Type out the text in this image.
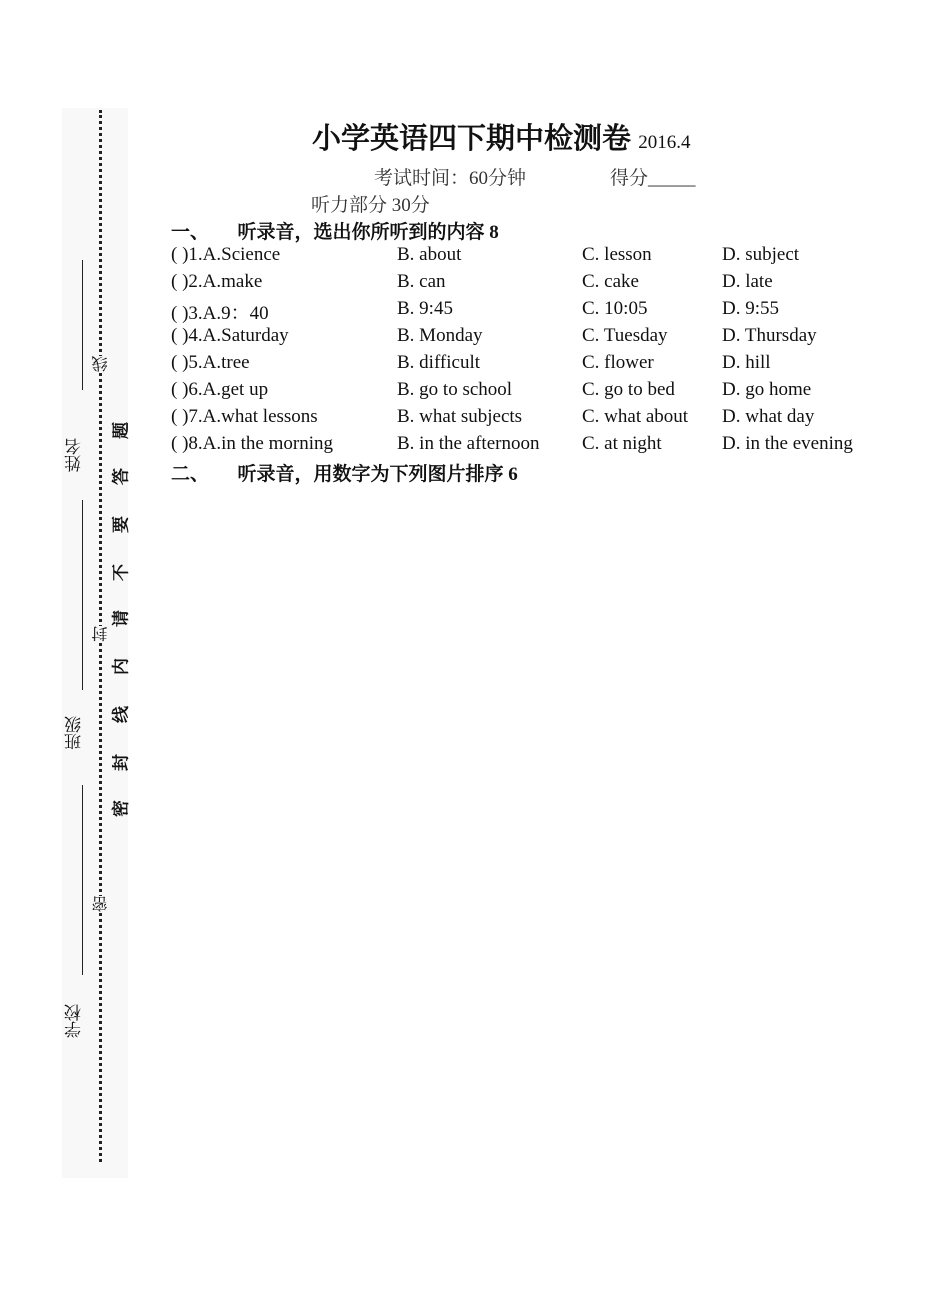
姓名
班级
学校
线
封
密
题
答
要
不
请
内
线
封
密
小学英语四下期中检测卷 2016.4
考试时间：60分钟	得分_____
听力部分 30分
一、　　听录音，选出你所听到的内容 8
( )1.A.Science	B. about	C. lesson	D. subject
( )2.A.make	B. can	C. cake	D. late
( )3.A.9：40	B. 9:45	C. 10:05	D. 9:55
( )4.A.Saturday	B. Monday	C. Tuesday	D. Thursday
( )5.A.tree	B. difficult	C. flower	D. hill
( )6.A.get up	B. go to school	C. go to bed D. go home
( )7.A.what lessons	B. what subjects	C. what about D. what day
( )8.A.in the morning	B. in the afternoon C. at night	D. in the evening
二、　　听录音，用数字为下列图片排序 6
